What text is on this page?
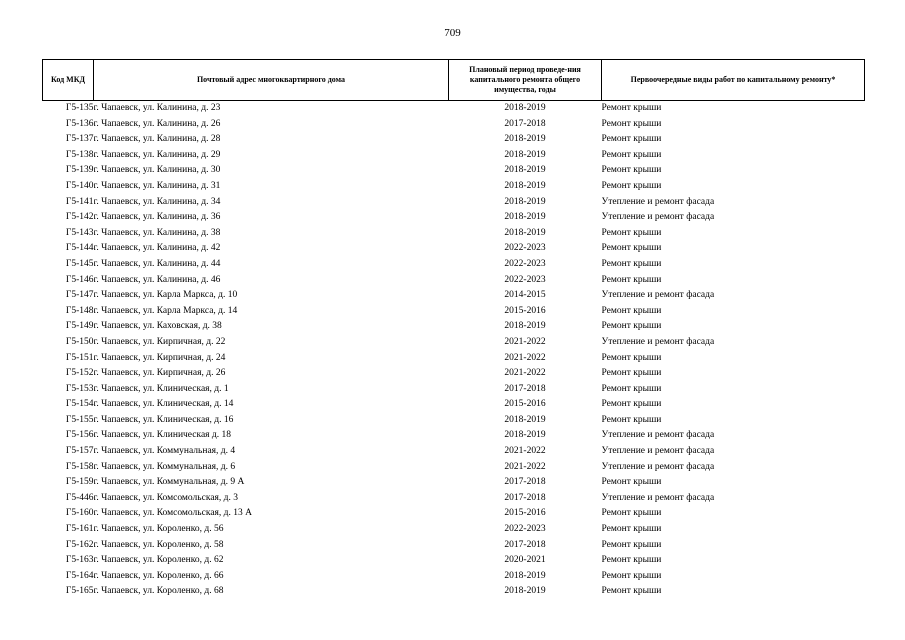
709
Код МКД	Почтовый адрес многоквартирного дома	Плановый период проведе-ния капитального ремонта общего имущества, годы	Первоочередные виды работ по капитальному ремонту*
Г5-135	г. Чапаевск, ул. Калинина, д. 23	2018-2019	Ремонт крыши
Г5-136	г. Чапаевск, ул. Калинина, д. 26	2017-2018	Ремонт крыши
Г5-137	г. Чапаевск, ул. Калинина, д. 28	2018-2019	Ремонт крыши
Г5-138	г. Чапаевск, ул. Калинина, д. 29	2018-2019	Ремонт крыши
Г5-139	г. Чапаевск, ул. Калинина, д. 30	2018-2019	Ремонт крыши
Г5-140	г. Чапаевск, ул. Калинина, д. 31	2018-2019	Ремонт крыши
Г5-141	г. Чапаевск, ул. Калинина, д. 34	2018-2019	Утепление и ремонт фасада
Г5-142	г. Чапаевск, ул. Калинина, д. 36	2018-2019	Утепление и ремонт фасада
Г5-143	г. Чапаевск, ул. Калинина, д. 38	2018-2019	Ремонт крыши
Г5-144	г. Чапаевск, ул. Калинина, д. 42	2022-2023	Ремонт крыши
Г5-145	г. Чапаевск, ул. Калинина, д. 44	2022-2023	Ремонт крыши
Г5-146	г. Чапаевск, ул. Калинина, д. 46	2022-2023	Ремонт крыши
Г5-147	г. Чапаевск, ул. Карла Маркса, д. 10	2014-2015	Утепление и ремонт фасада
Г5-148	г. Чапаевск, ул. Карла Маркса, д. 14	2015-2016	Ремонт крыши
Г5-149	г. Чапаевск, ул. Каховская, д. 38	2018-2019	Ремонт крыши
Г5-150	г. Чапаевск, ул. Кирпичная, д. 22	2021-2022	Утепление и ремонт фасада
Г5-151	г. Чапаевск, ул. Кирпичная, д. 24	2021-2022	Ремонт крыши
Г5-152	г. Чапаевск, ул. Кирпичная, д. 26	2021-2022	Ремонт крыши
Г5-153	г. Чапаевск, ул. Клиническая, д. 1	2017-2018	Ремонт крыши
Г5-154	г. Чапаевск, ул. Клиническая, д. 14	2015-2016	Ремонт крыши
Г5-155	г. Чапаевск, ул. Клиническая, д. 16	2018-2019	Ремонт крыши
Г5-156	г. Чапаевск, ул. Клиническая д. 18	2018-2019	Утепление и ремонт фасада
Г5-157	г. Чапаевск, ул. Коммунальная, д. 4	2021-2022	Утепление и ремонт фасада
Г5-158	г. Чапаевск, ул. Коммунальная, д. 6	2021-2022	Утепление и ремонт фасада
Г5-159	г. Чапаевск, ул. Коммунальная, д. 9 А	2017-2018	Ремонт крыши
Г5-446	г. Чапаевск, ул. Комсомольская, д. 3	2017-2018	Утепление и ремонт фасада
Г5-160	г. Чапаевск, ул. Комсомольская, д. 13 А	2015-2016	Ремонт крыши
Г5-161	г. Чапаевск, ул. Короленко, д. 56	2022-2023	Ремонт крыши
Г5-162	г. Чапаевск, ул. Короленко, д. 58	2017-2018	Ремонт крыши
Г5-163	г. Чапаевск, ул. Короленко, д. 62	2020-2021	Ремонт крыши
Г5-164	г. Чапаевск, ул. Короленко, д. 66	2018-2019	Ремонт крыши
Г5-165	г. Чапаевск, ул. Короленко, д. 68	2018-2019	Ремонт крыши
